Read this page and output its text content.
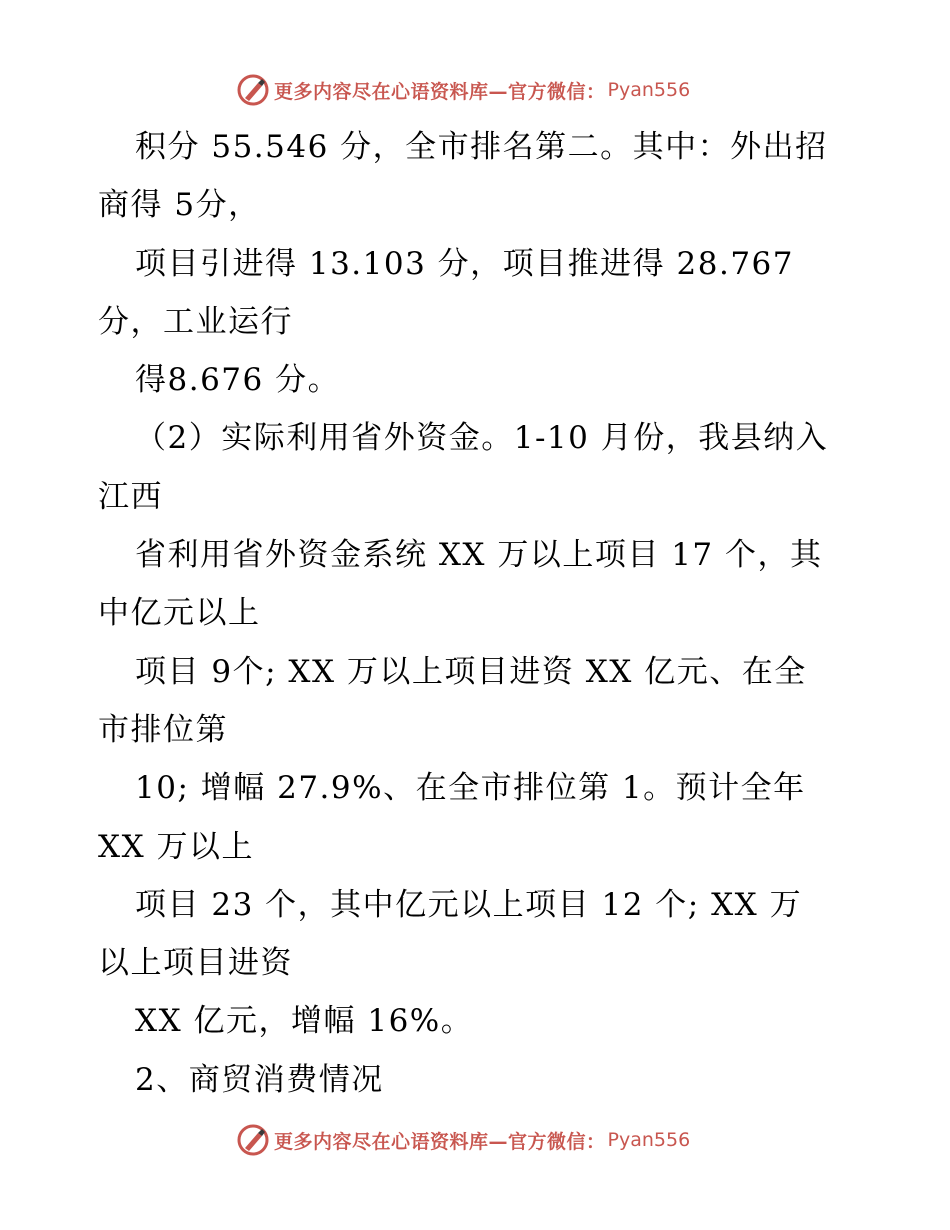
更多内容尽在心语资料库—官方微信： Pyan556
积分 55.546 分，全市排名第二。其中：外出招
商得 5分，
项目引进得 13.103 分，项目推进得 28.767
分，工业运行
得8.676 分。
（2）实际利用省外资金。1-10 月份，我县纳入
江西
省利用省外资金系统 XX 万以上项目 17 个，其
中亿元以上
项目 9个; XX 万以上项目进资 XX 亿元、在全
市排位第
10; 增幅 27.9%、在全市排位第 1。预计全年
XX 万以上
项目 23 个，其中亿元以上项目 12 个; XX 万
以上项目进资
XX 亿元，增幅 16%。
2、商贸消费情况
更多内容尽在心语资料库—官方微信： Pyan556
